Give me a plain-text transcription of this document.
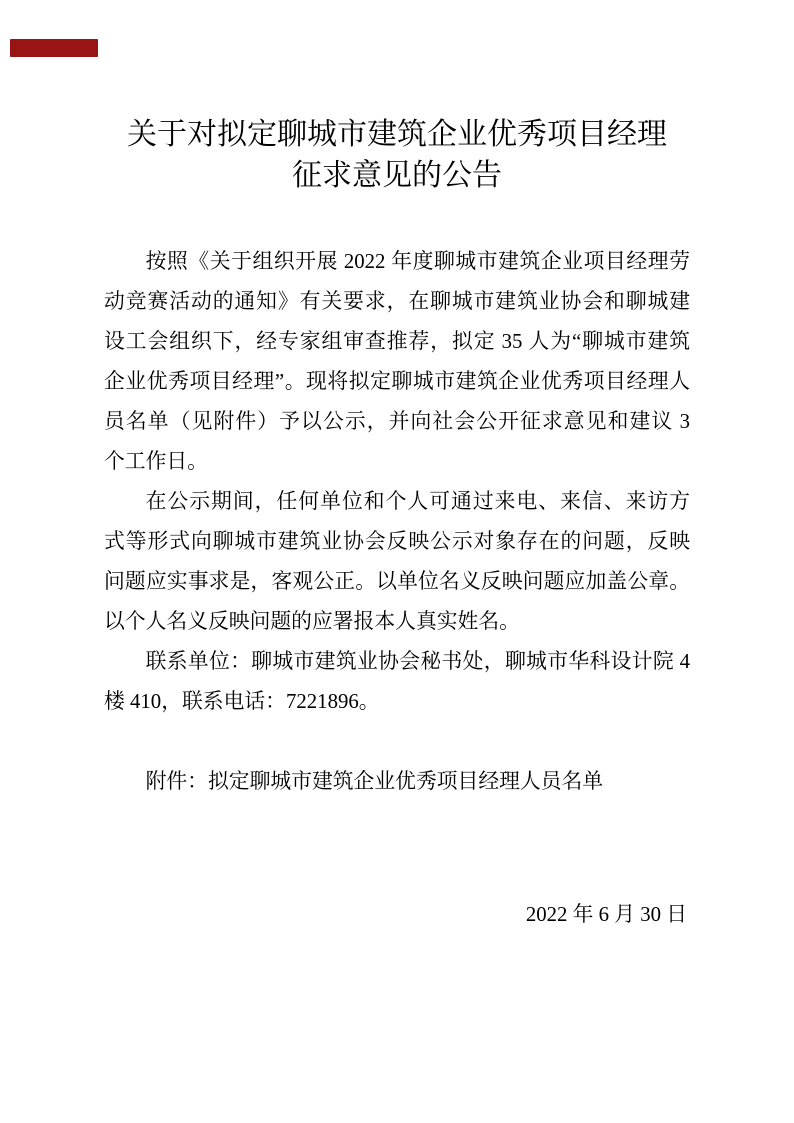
关于对拟定聊城市建筑企业优秀项目经理
征求意见的公告
按照《关于组织开展 2022 年度聊城市建筑企业项目经理劳
动竞赛活动的通知》有关要求，在聊城市建筑业协会和聊城建
设工会组织下，经专家组审查推荐，拟定 35 人为“聊城市建筑
企业优秀项目经理”。现将拟定聊城市建筑企业优秀项目经理人
员名单（见附件）予以公示，并向社会公开征求意见和建议 3
个工作日。
在公示期间，任何单位和个人可通过来电、来信、来访方
式等形式向聊城市建筑业协会反映公示对象存在的问题，反映
问题应实事求是，客观公正。以单位名义反映问题应加盖公章。
以个人名义反映问题的应署报本人真实姓名。
联系单位：聊城市建筑业协会秘书处，聊城市华科设计院 4
楼 410，联系电话：7221896。
附件：拟定聊城市建筑企业优秀项目经理人员名单
2022 年 6 月 30 日
